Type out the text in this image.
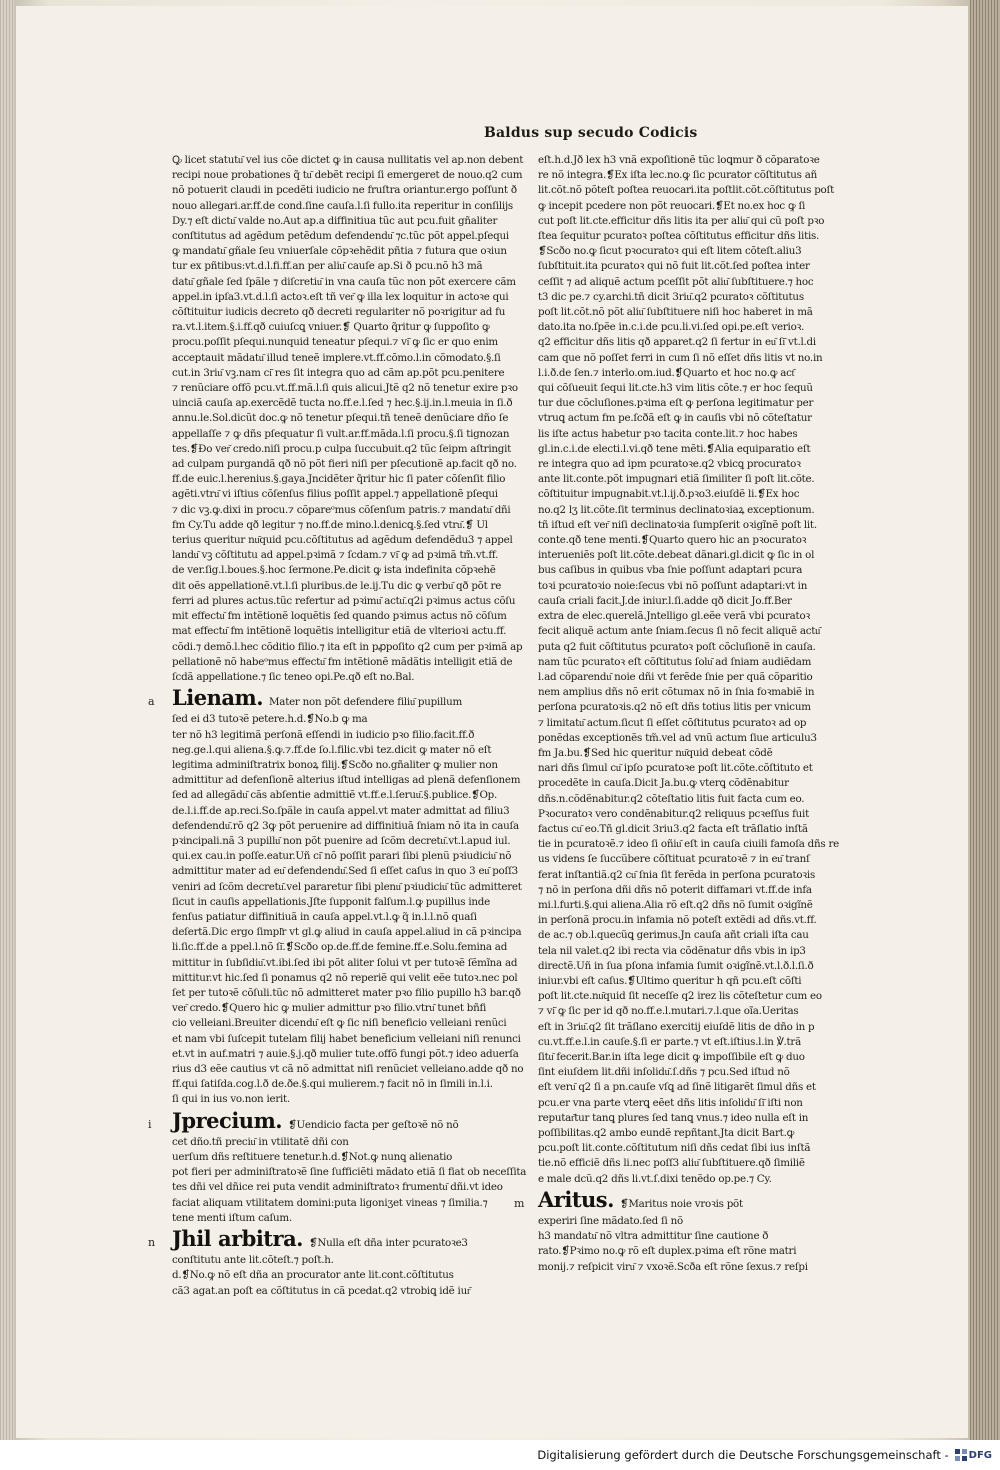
Baldus sup secudo Codicis
Ꝙ licet statutu͂ vel ius cõe dictet ꝙ in causa nullitatis vel ap.non debent
recipi noue probationes q̃ tu͂ debẽt recipi ſi emergeret de nouo.q2 cum
nõ potuerit claudi in pcedẽti iudicio ne fruſtra oriantur.ergo poſſunt ð
nouo allegari.ar.ff.de cond.ſine cauſa.l.ſi fullo.ita reperitur in conſilijs
Dy.⁊ eſt dictu͂ valde no.Aut ap.a diffinitiua tũc aut pcu.fuit gñaliter
conſtitutus ad agẽdum petẽdum defendendu͂ ⁊c.tũc põt appel.pſequi
ꝙ mandatu͂ gñale ſeu vniuerſale cõpꝛehẽdit pñtia ⁊ futura que oꝛiun
tur ex pñtibus:vt.d.l.fi.ff.an per aliu͂ cauſe ap.Si ð pcu.nõ h3 mã
datu͂ gñale ſed ſpãle ⁊ diſcretiu͂ in vna cauſa tũc non põt exercere cãm
appel.in ipſa3.vt.d.l.ſi actoꝛ.eſt tñ ver͂ ꝙ illa lex loquitur in actoꝛe qui
cõſtituitur iudicis decreto qð decreti regulariter nõ poꝛrigitur ad fu
ra.vt.l.item.§.i.ff.qð cuiuſcꝗ vniuer.❡ Quarto q̃ritur ꝙ ſuppoſito ꝙ
procu.poſſit pſequi.nunquid teneatur pſequi.⁊ vi͂ ꝙ ſic er quo enim
acceptauit mãdatu͂ illud teneẽ implere.vt.ff.cõmo.l.in cõmodato.§.ſi
cut.in 3riu͂ vꝫ.nam ci͂ res ſit integra quo ad cãm ap.põt pcu.penitere
⁊ renũciare offõ pcu.vt.ff.mã.l.ſi quis alicui.Jtẽ q2 nõ tenetur exire pꝛo
uinciã cauſa ap.exercẽdẽ tucta no.ff.e.l.ſed ⁊ hec.§.ij.in.l.meuia in ſi.ð
annu.le.Sol.dicũt doc.ꝙ nõ tenetur pſequi.tñ teneẽ denũciare dño ſe
appellaſſe ⁊ ꝙ dñs pſequatur ſi vult.ar.ff.mãda.l.ſi procu.§.ſi tignozan
tes.❡Ðo ver͂ credo.niſi procu.p culpa ſuccubuit.q2 tũc ſeipm aſtringit
ad culpam purgandã qð nõ põt fieri niſi per pſecutionẽ ap.facit qð no.
ff.de euic.l.herenius.§.gaya.Jncidẽter q̃ritur hic ſi pater cõſenſit filio
agẽti.vtru͂ vi iſtius cõſenſus filius poſſit appel.⁊ appellationẽ pſequi
⁊ dic vꝫ.ꝙ.dixi in procu.⁊ cõpareᵒmus cõſenſum patris.⁊ mandatu͂ dñi
fm Cy.Tu adde qð legitur ⁊ no.ff.de mino.l.denicꝗ.§.ſed vtru͂.❡ Ul
terius queritur nu͂quid pcu.cõſtitutus ad agẽdum defendẽdu3 ⁊ appel
landu͂ vꝫ cõſtitutu ad appel.pꝛimã ⁊ ſcdam.⁊ vi͂ ꝙ ad pꝛimã tm̃.vt.ff.
de ver.ſig.l.boues.§.hoc ſermone.Pe.dicit ꝙ ista indefinita cõpꝛehẽ
dit oẽs appellationẽ.vt.l.ſi pluribus.de le.ij.Tu dic ꝙ verbu͂ qð põt re
ferri ad plures actus.tũc refertur ad pꝛimu͂ actu͂.q2i pꝛimus actus cõſu
mit effectu͂ fm intẽtionẽ loquẽtis ſed quando pꝛimus actus nõ cõſum
mat effectu͂ fm intẽtionẽ loquẽtis intelligitur etiã de vlterioꝛi actu.ff.
cõdi.⁊ demõ.l.hec cõditio filio.⁊ ita eſt in pꝓpoſito q2 cum per pꝛimã ap
pellationẽ nõ habeᵒmus effectu͂ fm intẽtionẽ mãdãtis intelligit etiã de
ſcdã appellatione.⁊ ſic teneo opi.Pe.qð eſt no.Bal.
a Lienam. Mater non põt defendere filiu͂ pupillum
ſed ei d3 tutoꝛẽ petere.h.d.❡No.b ꝙ ma
ter nõ h3 legitimã perſonã eſſendi in iudicio pꝛo filio.facit.ff.ð
neg.ge.l.qui aliena.§.ꝙ.⁊.ff.de ſo.l.filic.vbi tez.dicit ꝙ mater nõ eſt
legitima adminiſtratrix bonoꝝ filij.❡Scðo no.gñaliter ꝙ mulier non
admittitur ad defenſionẽ alterius iſtud intelligas ad plenã defenſionem
ſed ad allegãdu͂ cãs abſentie admittiẽ vt.ff.e.l.ſeruu͂.§.publice.❡Op.
de.l.i.ff.de ap.reci.So.ſpãle in cauſa appel.vt mater admittat ad filiu3
defendendu͂.rõ q2 3ꝙ põt peruenire ad diffinitiuã ſniam nõ ita in cauſa
pꝛincipali.nã 3 pupillu͂ non põt puenire ad ſcõm decretu͂.vt.l.apud iul.
qui.ex cau.in poſſe.eatur.Uñ ci͂ nõ poſſit parari ſibi plenũ pꝛiudiciu͂ nõ
admittitur mater ad eu͂ defendendu͂.Sed ſi eſſet caſus in quo 3 eu͂ poſſ3
veniri ad ſcõm decretu͂.vel pararetur ſibi plenu͂ pꝛiudiciu͂ tũc admitteret
ſicut in cauſis appellationis.Jſte ſupponit falſum.l.ꝙ pupillus inde
fenſus patiatur diffinitiuã in cauſa appel.vt.l.ꝙ q̃ in.l.l.nõ quaſi
deſertã.Dic ergo ſimpl͂r vt gl.ꝙ aliud in cauſa appel.aliud in cã pꝛincipa
li.ſic.ff.de a ppel.l.nõ ſi͂.❡Scðo op.de.ff.de femine.ff.e.Solu.femina ad
mittitur in ſubſidiu͂.vt.ibi.ſed ibi põt aliter ſolui vt per tutoꝛẽ ſẽmĩna ad
mittitur.vt hic.ſed ſi ponamus q2 nõ reperiẽ qui velit eẽe tutoꝛ.nec pol
ſet per tutoꝛẽ cõſuli.tũc nõ admitteret mater pꝛo filio pupillo h3 bar.qð
ver͂ credo.❡Quero hic ꝙ mulier admittur pꝛo filio.vtru͂ tunet bñfi
cio velleiani.Breuiter dicendu͂ eſt ꝙ ſic niſi beneficio velleiani renũci
et nam vbi ſuſcepit tutelam filij habet beneficium velleiani niſi renunci
et.vt in auf.matri ⁊ auie.§.j.qð mulier tute.offõ fungi põt.⁊ ideo aduerſa
rius d3 eẽe cautius vt cã nõ admittat niſi renũciet velleiano.adde qð no
ff.qui ſatiſda.cog.l.ð de.ðe.§.qui mulierem.⁊ facit nõ in ſimili in.l.i.
ſi qui in ius vo.non ierit.
i Jprecium. ❡Uendicio facta per geſtoꝛẽ nõ nõ
cet dño.tñ preciu͂ in vtilitatẽ dñi con
uerſum dñs reſtituere tenetur.h.d.❡Not.ꝙ nunꝗ alienatio
pot fieri per adminiſtratoꝛẽ ſine ſufficiẽti mãdato etiã ſi fiat ob neceſſita
tes dñi vel dñice rei puta vendit adminiſtratoꝛ frumentu͂ dñi.vt ideo
faciat aliquam vtilitatem domini:puta ligoniʒet vineas ⁊ ſimilia.⁊
tene menti iſtum caſum.
n Jhil arbitra. ❡Nulla eſt dña inter pcuratoꝛe3
conſtitutu ante lit.cõteſt.⁊ poſt.h.
d.❡No.ꝙ nõ eſt dña an procurator ante lit.cont.cõſtitutus
cã3 agat.an poſt ea cõſtitutus in cã pcedat.q2 vtrobiꝗ idẽ iur͂
eſt.h.d.Jð lex h3 vnã expoſitionẽ tũc loꝗmur ð cõparatoꝛe
re nõ integra.❡Ex iſta lec.no.ꝙ ſic pcurator cõſtitutus añ
lit.cõt.nõ põteſt poſtea reuocari.ita poſtlit.cõt.cõſtitutus poſt
ꝙ incepit pcedere non põt reuocari.❡Et no.ex hoc ꝙ ſi
cut poſt lit.cte.efficitur dñs litis ita per aliu͂ qui cũ poſt pꝛo
ſtea ſequitur pcuratoꝛ poſtea cõſtitutus efficitur dñs litis.
❡Scðo no.ꝙ ſicut pꝛocuratoꝛ qui eſt litem cõteſt.aliu3
ſubſtituit.ita pcuratoꝛ qui nõ fuit lit.cõt.ſed poſtea inter
ceſſit ⁊ ad aliquẽ actum pceſſit põt aliu͂ ſubſtituere.⁊ hoc
t3 dic pe.⁊ cy.archi.tñ dicit 3riu͂.q2 pcuratoꝛ cõſtitutus
poſt lit.cõt.nõ põt aliu͂ ſubſtituere niſi hoc haberet in mã
dato.ita no.ſpẽe in.c.i.de pcu.li.vi.ſed opi.pe.eſt verioꝛ.
q2 efficitur dñs litis qð apparet.q2 ſi fertur in eu͂ ſi͂ vt.l.di
cam que nõ poſſet ferri in cum ſi nõ eſſet dñs litis vt no.in
l.i.ð.de ſen.⁊ interlo.om.iud.❡Quarto et hoc no.ꝙ act͂
qui cõſueuit ſequi lit.cte.h3 vim litis cõte.⁊ er hoc ſequũ
tur due cõcluſiones.pꝛima eſt ꝙ perſona legitimatur per
vtruꝗ actum fm pe.ſcðã eſt ꝙ in cauſis vbi nõ cõteſtatur
lis iſte actus habetur pꝛo tacita conte.lit.⁊ hoc habes
gl.in.c.i.de electi.l.vi.qð tene mẽti.❡Alia equiparatio eſt
re integra quo ad ipm pcuratoꝛe.q2 vbicꝗ procuratoꝛ
ante lit.conte.põt impugnari etiã ſimiliter ſi poſt lit.cõte.
cõſtituitur impugnabit.vt.l.ij.ð.pꝛo3.eiuſdẽ li.❡Ex hoc
no.q2 lʒ lit.cõte.ſit terminus declinatoꝛiaꝝ exceptionum.
tñ iſtud eſt ver͂ niſi declinatoꝛia ſumpſerit oꝛigĩnẽ poſt lit.
conte.qð tene menti.❡Quarto quero hic an pꝛocuratoꝛ
interueniẽs poſt lit.cõte.debeat dãnari.gl.dicit ꝙ ſic in ol
bus caſibus in quibus vba ſnie poſſunt adaptari pcura
toꝛi pcuratoꝛio noie:ſecus vbi nõ poſſunt adaptari:vt in
cauſa criali facit.J.de iniur.l.ſi.adde qð dicit Jo.ff.Ber
extra de elec.querelã.Jntelligo gl.eẽe verã vbi pcuratoꝛ
fecit aliquẽ actum ante ſniam.ſecus ſi nõ fecit aliquẽ actu͂
puta q2 fuit cõſtitutus pcuratoꝛ poſt cõcluſionẽ in cauſa.
nam tũc pcuratoꝛ eſt cõſtitutus ſolu͂ ad ſniam audiẽdam
l.ad cõparendu͂ noie dñi vt ferẽde ſnie per quã cõparitio
nem amplius dñs nõ erit cõtumax nõ in ſnia foꝛmabiẽ in
perſona pcuratoꝛis.q2 nõ eſt dñs totius litis per vnicum
⁊ limitatu͂ actum.ſicut ſi eſſet cõſtitutus pcuratoꝛ ad op
ponẽdas exceptionẽs tm̃.vel ad vnũ actum ſiue articulu3
fm Ja.bu.❡Sed hic queritur nu͂quid debeat cõdẽ
nari dñs ſimul cu͂ ipſo pcuratoꝛe poſt lit.cõte.cõſtituto et
procedẽte in cauſa.Dicit Ja.bu.ꝙ vterꝗ cõdẽnabitur
dñs.n.cõdẽnabitur.q2 cõteſtatio litis fuit facta cum eo.
Pꝛocuratoꝛ vero condẽnabitur.q2 reliquus pcꝛeſſus fuit
factus cu͂ eo.Tñ gl.dicit 3riu3.q2 facta eſt trãſlatio inſtã
tie in pcuratoꝛẽ.⁊ ideo ſi oñiu͂ eſt in cauſa ciuili famoſa dñs re
us videns ſe ſuccũbere cõſtituat pcuratoꝛẽ ⁊ in eu͂ tranſ
ferat inſtantiã.q2 cu͂ ſnia ſit ferẽda in perſona pcuratoꝛis
⁊ nõ in perſona dñi dñs nõ poterit diffamari vt.ff.de infa
mi.l.furti.§.qui aliena.Alia rõ eſt.q2 dñs nõ ſumit oꝛigĩnẽ
in perſonã procu.in infamia nõ poteſt extẽdi ad dñs.vt.ff.
de ac.⁊ ob.l.quecũꝗ gerimus.Jn cauſa añt criali iſta cau
tela nil valet.q2 ibi recta via cõdẽnatur dñs vbis in ip3
directẽ.Uñ in ſua pſona infamia ſumit oꝛigĩnẽ.vt.l.ð.l.ſi.ð
iniur.vbi eſt caſus.❡Ultimo queritur h qñ pcu.eſt cõſti
poſt lit.cte.nu͂quid ſit neceſſe q2 irez lis cõteſtetur cum eo
⁊ vi͂ ꝙ ſic per id qð no.ff.e.l.mutari.⁊.l.que oĩa.Ueritas
eſt in 3riu͂.q2 ſit trãſlano exercitij eiuſdẽ litis de dño in p
cu.vt.ff.e.l.in cauſe.§.ſi er parte.⁊ vt eſt.iſtius.l.in ℣.trã
ſitu͂ fecerit.Bar.in iſta lege dicit ꝙ impoſſibile eſt ꝙ duo
ſint eiuſdem lit.dñi inſolidu͂.ſ.dñs ⁊ pcu.Sed iſtud nõ
eſt veru͂ q2 ſi a pn.cauſe vſꝗ ad ſinẽ litigarẽt ſimul dñs et
pcu.er vna parte vterꝗ eẽet dñs litis inſolidu͂ ſi͂ iſti non
reputar͂tur tanꝗ plures ſed tanꝗ vnus.⁊ ideo nulla eſt in
poſſibilitas.q2 ambo eundẽ repñtant.Jta dicit Bart.ꝙ
pcu.poſt lit.conte.cõſtitutum niſi dñs cedat ſibi ius inſtã
tie.nõ efficiẽ dñs li.nec poſſ3 aliu͂ ſubſtituere.qð ſimiliẽ
e male dcũ.q2 dñs li.vt.ſ.dixi tenẽdo op.pe.⁊ Cy.
m Aritus. ❡Maritus noie vroꝛis põt
experiri ſine mãdato.ſed ſi nõ
h3 mandatu͂ nõ vltra admittitur ſine cautione ð
rato.❡Pꝛimo no.ꝙ rõ eſt duplex.pꝛima eſt rõne matri
monij.⁊ reſpicit viru͂ ⁊ vxoꝛẽ.Scða eſt rõne ſexus.⁊ reſpi
Digitalisierung gefördert durch die Deutsche Forschungsgemeinschaft - DFG
